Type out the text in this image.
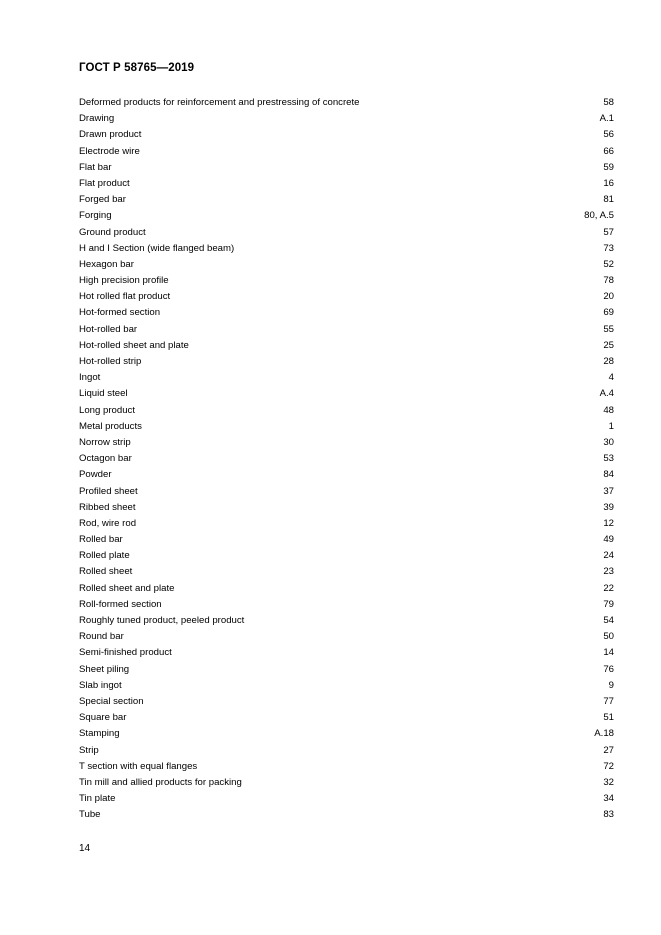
ГОСТ Р 58765—2019
Deformed products for reinforcement and prestressing of concrete	58
Drawing	A.1
Drawn product	56
Electrode wire	66
Flat bar	59
Flat product	16
Forged bar	81
Forging	80, A.5
Ground product	57
H and I Section (wide flanged beam)	73
Hexagon bar	52
High precision profile	78
Hot rolled flat product	20
Hot-formed section	69
Hot-rolled bar	55
Hot-rolled sheet and plate	25
Hot-rolled strip	28
Ingot	4
Liquid steel	A.4
Long product	48
Metal products	1
Norrow strip	30
Octagon bar	53
Powder	84
Profiled sheet	37
Ribbed sheet	39
Rod, wire rod	12
Rolled bar	49
Rolled plate	24
Rolled sheet	23
Rolled sheet and plate	22
Roll-formed section	79
Roughly tuned product, peeled product	54
Round bar	50
Semi-finished product	14
Sheet piling	76
Slab ingot	9
Special section	77
Square bar	51
Stamping	A.18
Strip	27
T section with equal flanges	72
Tin mill and allied products for packing	32
Tin plate	34
Tube	83
14
